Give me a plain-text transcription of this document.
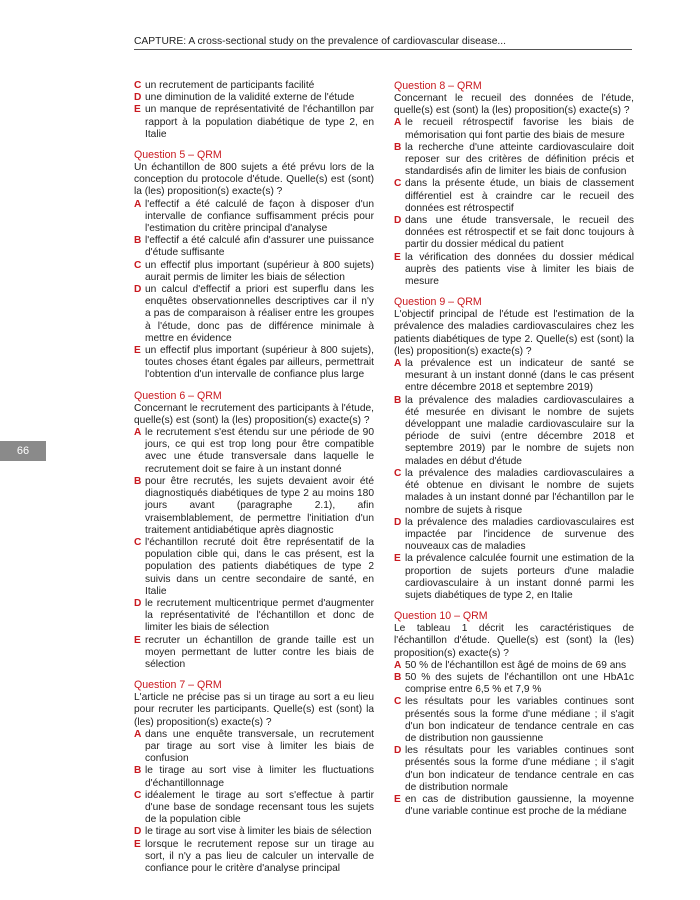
CAPTURE: A cross-sectional study on the prevalence of cardiovascular disease...
66
C un recrutement de participants facilité
D une diminution de la validité externe de l'étude
E un manque de représentativité de l'échantillon par rapport à la population diabétique de type 2, en Italie
Question 5 – QRM
Un échantillon de 800 sujets a été prévu lors de la conception du protocole d'étude. Quelle(s) est (sont) la (les) proposition(s) exacte(s) ?
A l'effectif a été calculé de façon à disposer d'un intervalle de confiance suffisamment précis pour l'estimation du critère principal d'analyse
B l'effectif a été calculé afin d'assurer une puissance d'étude suffisante
C un effectif plus important (supérieur à 800 sujets) aurait permis de limiter les biais de sélection
D un calcul d'effectif a priori est superflu dans les enquêtes observationnelles descriptives car il n'y a pas de comparaison à réaliser entre les groupes à l'étude, donc pas de différence minimale à mettre en évidence
E un effectif plus important (supérieur à 800 sujets), toutes choses étant égales par ailleurs, permettrait l'obtention d'un intervalle de confiance plus large
Question 6 – QRM
Concernant le recrutement des participants à l'étude, quelle(s) est (sont) la (les) proposition(s) exacte(s) ?
A le recrutement s'est étendu sur une période de 90 jours, ce qui est trop long pour être compatible avec une étude transversale dans laquelle le recrutement doit se faire à un instant donné
B pour être recrutés, les sujets devaient avoir été diagnostiqués diabétiques de type 2 au moins 180 jours avant (paragraphe 2.1), afin vraisemblablement, de permettre l'initiation d'un traitement antidiabétique après diagnostic
C l'échantillon recruté doit être représentatif de la population cible qui, dans le cas présent, est la population des patients diabétiques de type 2 suivis dans un centre secondaire de santé, en Italie
D le recrutement multicentrique permet d'augmenter la représentativité de l'échantillon et donc de limiter les biais de sélection
E recruter un échantillon de grande taille est un moyen permettant de lutter contre les biais de sélection
Question 7 – QRM
L'article ne précise pas si un tirage au sort a eu lieu pour recruter les participants. Quelle(s) est (sont) la (les) proposition(s) exacte(s) ?
A dans une enquête transversale, un recrutement par tirage au sort vise à limiter les biais de confusion
B le tirage au sort vise à limiter les fluctuations d'échantillonnage
C idéalement le tirage au sort s'effectue à partir d'une base de sondage recensant tous les sujets de la population cible
D le tirage au sort vise à limiter les biais de sélection
E lorsque le recrutement repose sur un tirage au sort, il n'y a pas lieu de calculer un intervalle de confiance pour le critère d'analyse principal
Question 8 – QRM
Concernant le recueil des données de l'étude, quelle(s) est (sont) la (les) proposition(s) exacte(s) ?
A le recueil rétrospectif favorise les biais de mémorisation qui font partie des biais de mesure
B la recherche d'une atteinte cardiovasculaire doit reposer sur des critères de définition précis et standardisés afin de limiter les biais de confusion
C dans la présente étude, un biais de classement différentiel est à craindre car le recueil des données est rétrospectif
D dans une étude transversale, le recueil des données est rétrospectif et se fait donc toujours à partir du dossier médical du patient
E la vérification des données du dossier médical auprès des patients vise à limiter les biais de mesure
Question 9 – QRM
L'objectif principal de l'étude est l'estimation de la prévalence des maladies cardiovasculaires chez les patients diabétiques de type 2. Quelle(s) est (sont) la (les) proposition(s) exacte(s) ?
A la prévalence est un indicateur de santé se mesurant à un instant donné (dans le cas présent entre décembre 2018 et septembre 2019)
B la prévalence des maladies cardiovasculaires a été mesurée en divisant le nombre de sujets développant une maladie cardiovasculaire sur la période de suivi (entre décembre 2018 et septembre 2019) par le nombre de sujets non malades en début d'étude
C la prévalence des maladies cardiovasculaires a été obtenue en divisant le nombre de sujets malades à un instant donné par l'échantillon par le nombre de sujets à risque
D la prévalence des maladies cardiovasculaires est impactée par l'incidence de survenue des nouveaux cas de maladies
E la prévalence calculée fournit une estimation de la proportion de sujets porteurs d'une maladie cardiovasculaire à un instant donné parmi les sujets diabétiques de type 2, en Italie
Question 10 – QRM
Le tableau 1 décrit les caractéristiques de l'échantillon d'étude. Quelle(s) est (sont) la (les) proposition(s) exacte(s) ?
A 50 % de l'échantillon est âgé de moins de 69 ans
B 50 % des sujets de l'échantillon ont une HbA1c comprise entre 6,5 % et 7,9 %
C les résultats pour les variables continues sont présentés sous la forme d'une médiane ; il s'agit d'un bon indicateur de tendance centrale en cas de distribution non gaussienne
D les résultats pour les variables continues sont présentés sous la forme d'une médiane ; il s'agit d'un bon indicateur de tendance centrale en cas de distribution normale
E en cas de distribution gaussienne, la moyenne d'une variable continue est proche de la médiane
